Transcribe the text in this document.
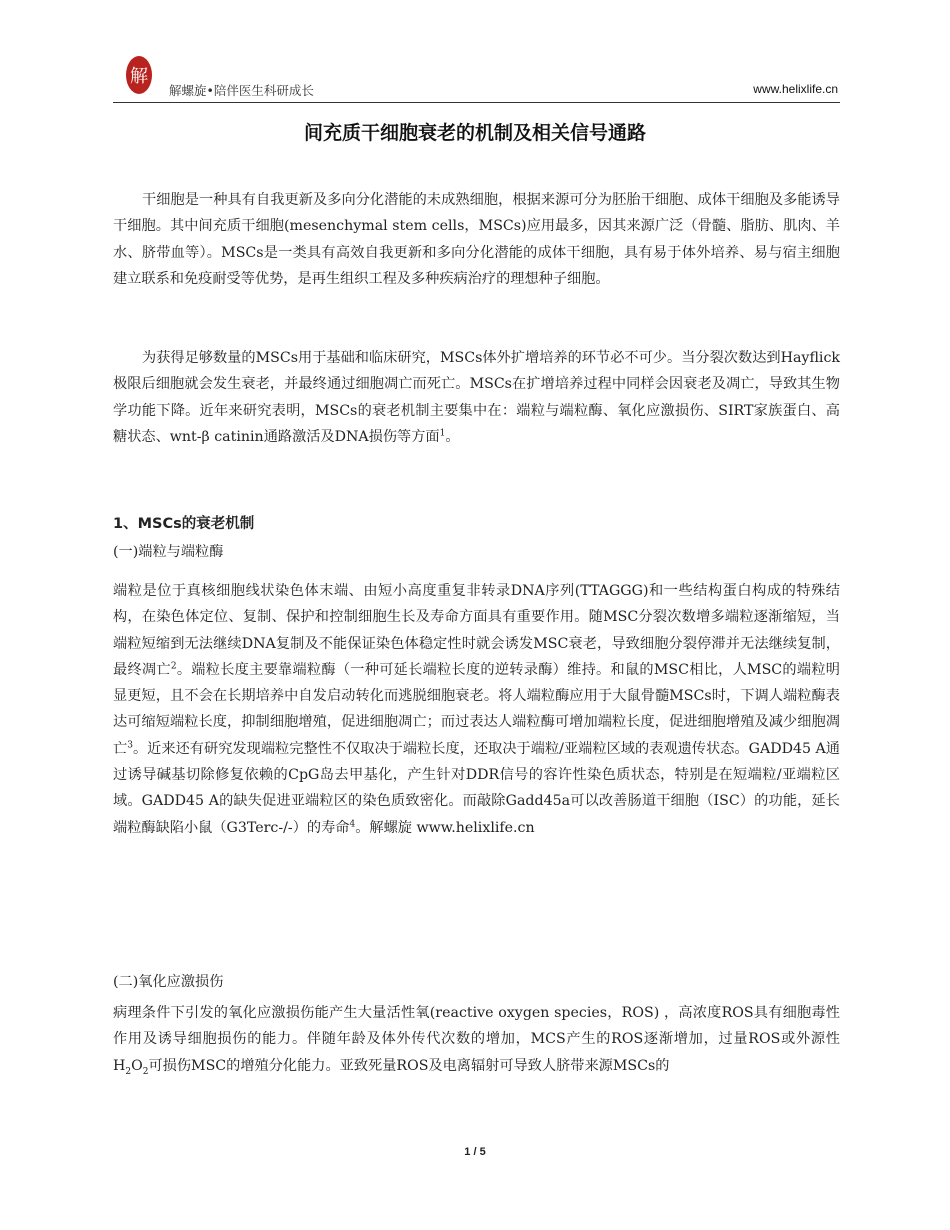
解
解螺旋•陪伴医生科研成长	www.helixlife.cn
间充质干细胞衰老的机制及相关信号通路

干细胞是一种具有自我更新及多向分化潜能的未成熟细胞，根据来源可分为胚胎干细胞、成体干细胞及多能诱导干细胞。其中间充质干细胞(mesenchymal stem cells，MSCs)应用最多，因其来源广泛（骨髓、脂肪、肌肉、羊水、脐带血等）。MSCs是一类具有高效自我更新和多向分化潜能的成体干细胞，具有易于体外培养、易与宿主细胞建立联系和免疫耐受等优势，是再生组织工程及多种疾病治疗的理想种子细胞。

为获得足够数量的MSCs用于基础和临床研究，MSCs体外扩增培养的环节必不可少。当分裂次数达到Hayflick极限后细胞就会发生衰老，并最终通过细胞凋亡而死亡。MSCs在扩增培养过程中同样会因衰老及凋亡，导致其生物学功能下降。近年来研究表明，MSCs的衰老机制主要集中在：端粒与端粒酶、氧化应激损伤、SIRT家族蛋白、高糖状态、wnt-β catinin通路激活及DNA损伤等方面$^1$。

1、MSCs的衰老机制
(一)端粒与端粒酶

端粒是位于真核细胞线状染色体末端、由短小高度重复非转录DNA序列(TTAGGG)和一些结构蛋白构成的特殊结构，在染色体定位、复制、保护和控制细胞生长及寿命方面具有重要作用。随MSC分裂次数增多端粒逐渐缩短，当端粒短缩到无法继续DNA复制及不能保证染色体稳定性时就会诱发MSC衰老，导致细胞分裂停滞并无法继续复制，最终凋亡$^2$。端粒长度主要靠端粒酶（一种可延长端粒长度的逆转录酶）维持。和鼠的MSC相比，人MSC的端粒明显更短，且不会在长期培养中自发启动转化而逃脱细胞衰老。将人端粒酶应用于大鼠骨髓MSCs时，下调人端粒酶表达可缩短端粒长度，抑制细胞增殖，促进细胞凋亡；而过表达人端粒酶可增加端粒长度，促进细胞增殖及减少细胞凋亡$^3$。近来还有研究发现端粒完整性不仅取决于端粒长度，还取决于端粒/亚端粒区域的表观遗传状态。GADD45 A通过诱导碱基切除修复依赖的CpG岛去甲基化，产生针对DDR信号的容许性染色质状态，特别是在短端粒/亚端粒区域。GADD45 A的缺失促进亚端粒区的染色质致密化。而敲除Gadd45a可以改善肠道干细胞（ISC）的功能，延长端粒酶缺陷小鼠（G3Terc-/-）的寿命$^4$。解螺旋 www.helixlife.cn

(二)氧化应激损伤

病理条件下引发的氧化应激损伤能产生大量活性氧(reactive oxygen species，ROS) ，高浓度ROS具有细胞毒性作用及诱导细胞损伤的能力。伴随年龄及体外传代次数的增加，MCS产生的ROS逐渐增加，过量ROS或外源性$H_2O_2$可损伤MSC的增殖分化能力。亚致死量ROS及电离辐射可导致人脐带来源MSCs的

1 / 5
